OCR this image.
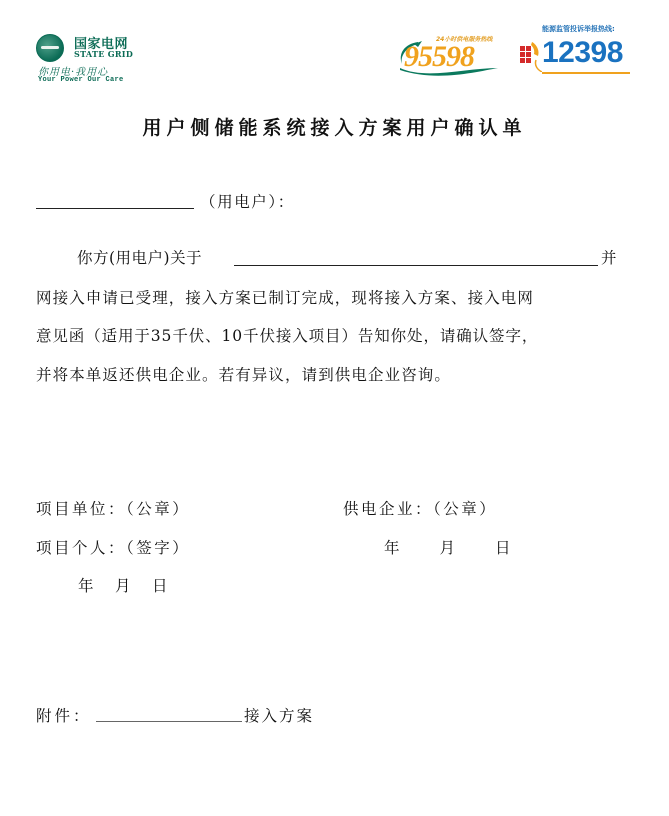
国家电网
STATE GRID
你用电·我用心
Your Power Our Care
24小时供电服务热线
95598
能源监管投诉举报热线:
12398
用户侧储能系统接入方案用户确认单
（用电户）：
你方(用电户)关于	并
网接入申请已受理，接入方案已制订完成，现将接入方案、接入电网
意见函（适用于35千伏、10千伏接入项目）告知你处，请确认签字，
并将本单返还供电企业。若有异议，请到供电企业咨询。
项目单位：（公章）	供电企业：（公章）
项目个人：（签字）	年　　月　　日
年　月　日
附件：	接入方案
